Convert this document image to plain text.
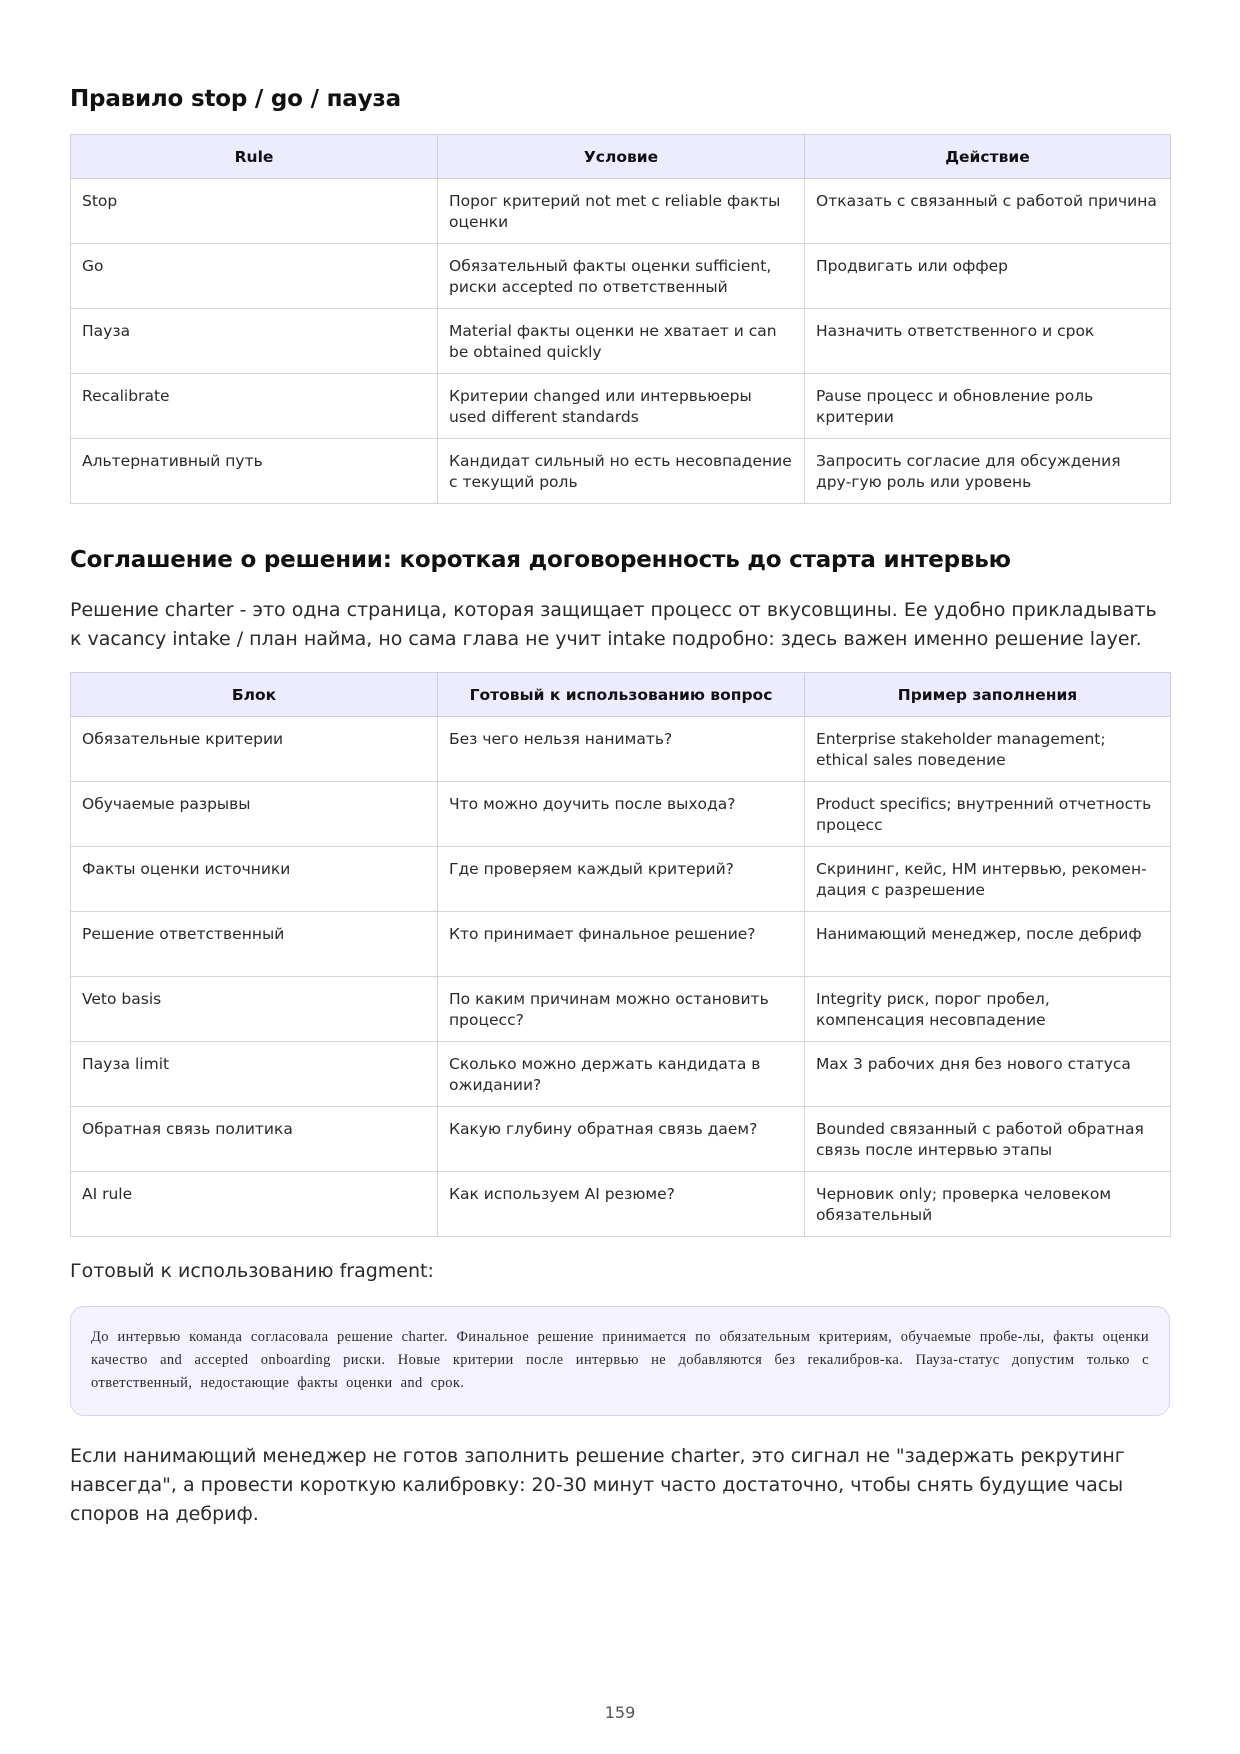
Правило stop / go / пауза
Rule	Условие	Действие
Stop	Порог критерий not met с reliable факты оценки	Отказать с связанный с работой причина
Go	Обязательный факты оценки sufficient, риски accepted по ответственный	Продвигать или оффер
Пауза	Material факты оценки не хватает и can be obtained quickly	Назначить ответственного и срок
Recalibrate	Критерии changed или интервьюеры used different standards	Pause процесс и обновление роль критерии
Альтернативный путь	Кандидат сильный но есть несовпадение с текущий роль	Запросить согласие для обсуждения дру-гую роль или уровень
Соглашение о решении: короткая договоренность до старта интервью

Решение charter - это одна страница, которая защищает процесс от вкусовщины. Ее удобно прикладывать к vacancy intake / план найма, но сама глава не учит intake подробно: здесь важен именно решение layer.

Блок	Готовый к использованию вопрос	Пример заполнения
Обязательные критерии	Без чего нельзя нанимать?	Enterprise stakeholder management; ethical sales поведение
Обучаемые разрывы	Что можно доучить после выхода?	Product specifics; внутренний отчетность процесс
Факты оценки источники	Где проверяем каждый критерий?	Скрининг, кейс, HM интервью, рекомен-дация с разрешение
Решение ответственный	Кто принимает финальное решение?	Нанимающий менеджер, после дебриф
Veto basis	По каким причинам можно остановить процесс?	Integrity риск, порог пробел, компенсация несовпадение
Пауза limit	Сколько можно держать кандидата в ожидании?	Max 3 рабочих дня без нового статуса
Обратная связь политика	Какую глубину обратная связь даем?	Bounded связанный с работой обратная связь после интервью этапы
AI rule	Как используем AI резюме?	Черновик only; проверка человеком обязательный

Готовый к использованию fragment:

До интервью команда согласовала решение charter. Финальное решение принимается по обязательным критериям, обучаемые пробе-лы, факты оценки качество and accepted onboarding риски. Новые критерии после интервью не добавляются без reкалибров-ка. Пауза-статус допустим только с ответственный, недостающие факты оценки and срок.

Если нанимающий менеджер не готов заполнить решение charter, это сигнал не "задержать рекрутинг навсегда", а провести короткую калибровку: 20-30 минут часто достаточно, чтобы снять будущие часы споров на дебриф.

159
